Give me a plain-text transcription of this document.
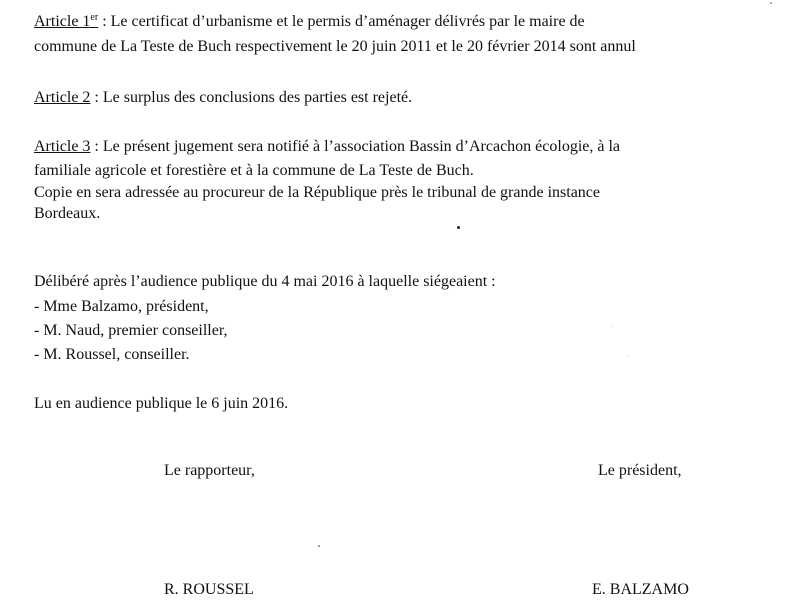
Article 1er : Le certificat d’urbanisme et le permis d’aménager délivrés par le maire de
commune de La Teste de Buch respectivement le 20 juin 2011 et le 20 février 2014 sont annul
Article 2 : Le surplus des conclusions des parties est rejeté.
Article 3 : Le présent jugement sera notifié à l’association Bassin d’Arcachon écologie, à la
familiale agricole et forestière et à la commune de La Teste de Buch.
Copie en sera adressée au procureur de la République près le tribunal de grande instance
Bordeaux.
Délibéré après l’audience publique du 4 mai 2016 à laquelle siégeaient :
- Mme Balzamo, président,
- M. Naud, premier conseiller,
- M. Roussel, conseiller.
Lu en audience publique le 6 juin 2016.
Le rapporteur,	Le président,
R. ROUSSEL	E. BALZAMO
